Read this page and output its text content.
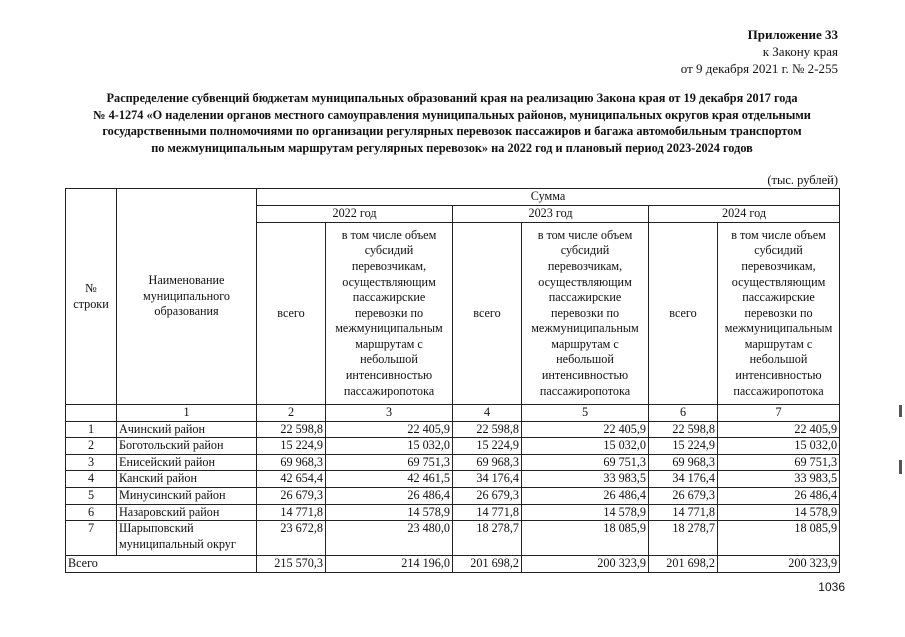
Приложение 33
к Закону края
от 9 декабря 2021 г. № 2-255
Распределение субвенций бюджетам муниципальных образований края на реализацию Закона края от 19 декабря 2017 года
№ 4-1274 «О наделении органов местного самоуправления муниципальных районов, муниципальных округов края отдельными
государственными полномочиями по организации регулярных перевозок пассажиров и багажа автомобильным транспортом
по межмуниципальным маршрутам регулярных перевозок» на 2022 год и плановый период 2023-2024 годов
(тыс. рублей)
№ строки	Наименование муниципального образования	Сумма					
		2022 год		2023 год		2024 год	
		всего	в том числе объем субсидий перевозчикам, осуществляющим пассажирские перевозки по межмуниципальным маршрутам с небольшой интенсивностью пассажиропотока	всего	в том числе объем субсидий перевозчикам, осуществляющим пассажирские перевозки по межмуниципальным маршрутам с небольшой интенсивностью пассажиропотока	всего	в том числе объем субсидий перевозчикам, осуществляющим пассажирские перевозки по межмуниципальным маршрутам с небольшой интенсивностью пассажиропотока
	1	2	3	4	5	6	7
1	Ачинский район	22 598,8	22 405,9	22 598,8	22 405,9	22 598,8	22 405,9
2	Боготольский район	15 224,9	15 032,0	15 224,9	15 032,0	15 224,9	15 032,0
3	Енисейский район	69 968,3	69 751,3	69 968,3	69 751,3	69 968,3	69 751,3
4	Канский район	42 654,4	42 461,5	34 176,4	33 983,5	34 176,4	33 983,5
5	Минусинский район	26 679,3	26 486,4	26 679,3	26 486,4	26 679,3	26 486,4
6	Назаровский район	14 771,8	14 578,9	14 771,8	14 578,9	14 771,8	14 578,9
7	Шарыповский муниципальный округ	23 672,8	23 480,0	18 278,7	18 085,9	18 278,7	18 085,9
Всего		215 570,3	214 196,0	201 698,2	200 323,9	201 698,2	200 323,9
1036
